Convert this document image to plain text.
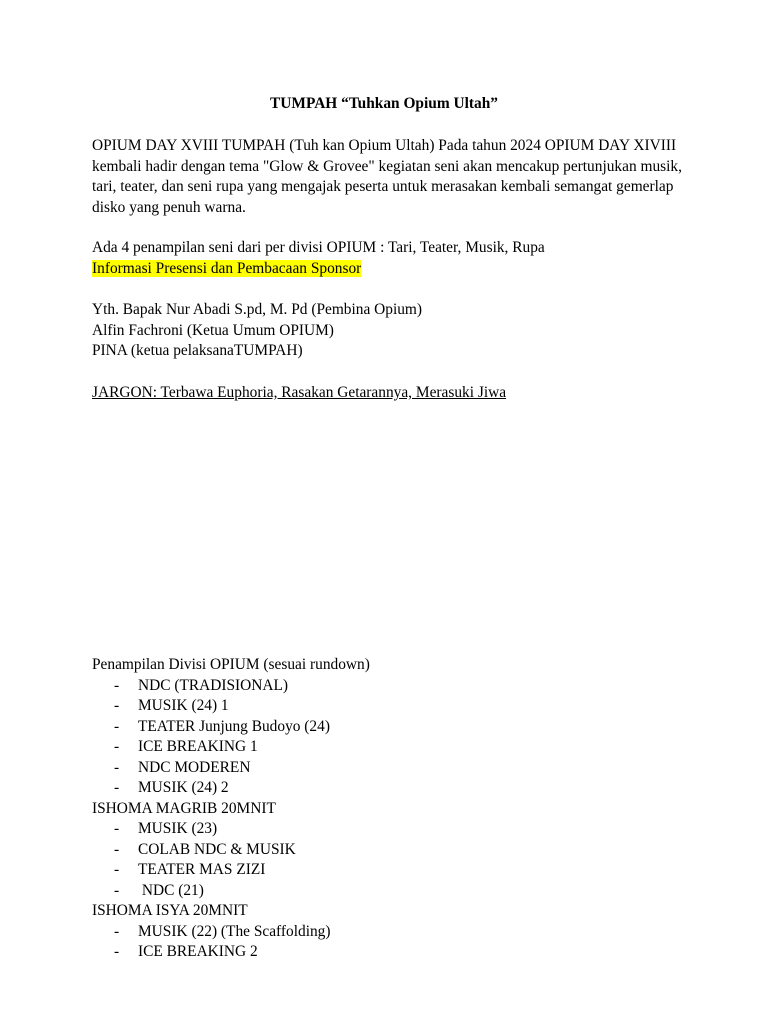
TUMPAH “Tuhkan Opium Ultah”
OPIUM DAY XVIII TUMPAH (Tuh kan Opium Ultah) Pada tahun 2024 OPIUM DAY XIVIII
kembali hadir dengan tema "Glow & Grovee" kegiatan seni akan mencakup pertunjukan musik,
tari, teater, dan seni rupa yang mengajak peserta untuk merasakan kembali semangat gemerlap
disko yang penuh warna.
Ada 4 penampilan seni dari per divisi OPIUM : Tari, Teater, Musik, Rupa
Informasi Presensi dan Pembacaan Sponsor
Yth. Bapak Nur Abadi S.pd, M. Pd (Pembina Opium)
Alfin Fachroni (Ketua Umum OPIUM)
PINA (ketua pelaksanaTUMPAH)
JARGON: Terbawa Euphoria, Rasakan Getarannya, Merasuki Jiwa
Penampilan Divisi OPIUM (sesuai rundown)
- NDC (TRADISIONAL)
- MUSIK (24) 1
- TEATER Junjung Budoyo (24)
- ICE BREAKING 1
- NDC MODEREN
- MUSIK (24) 2
ISHOMA MAGRIB 20MNIT
- MUSIK (23)
- COLAB NDC & MUSIK
- TEATER MAS ZIZI
- NDC (21)
ISHOMA ISYA 20MNIT
- MUSIK (22) (The Scaffolding)
- ICE BREAKING 2
